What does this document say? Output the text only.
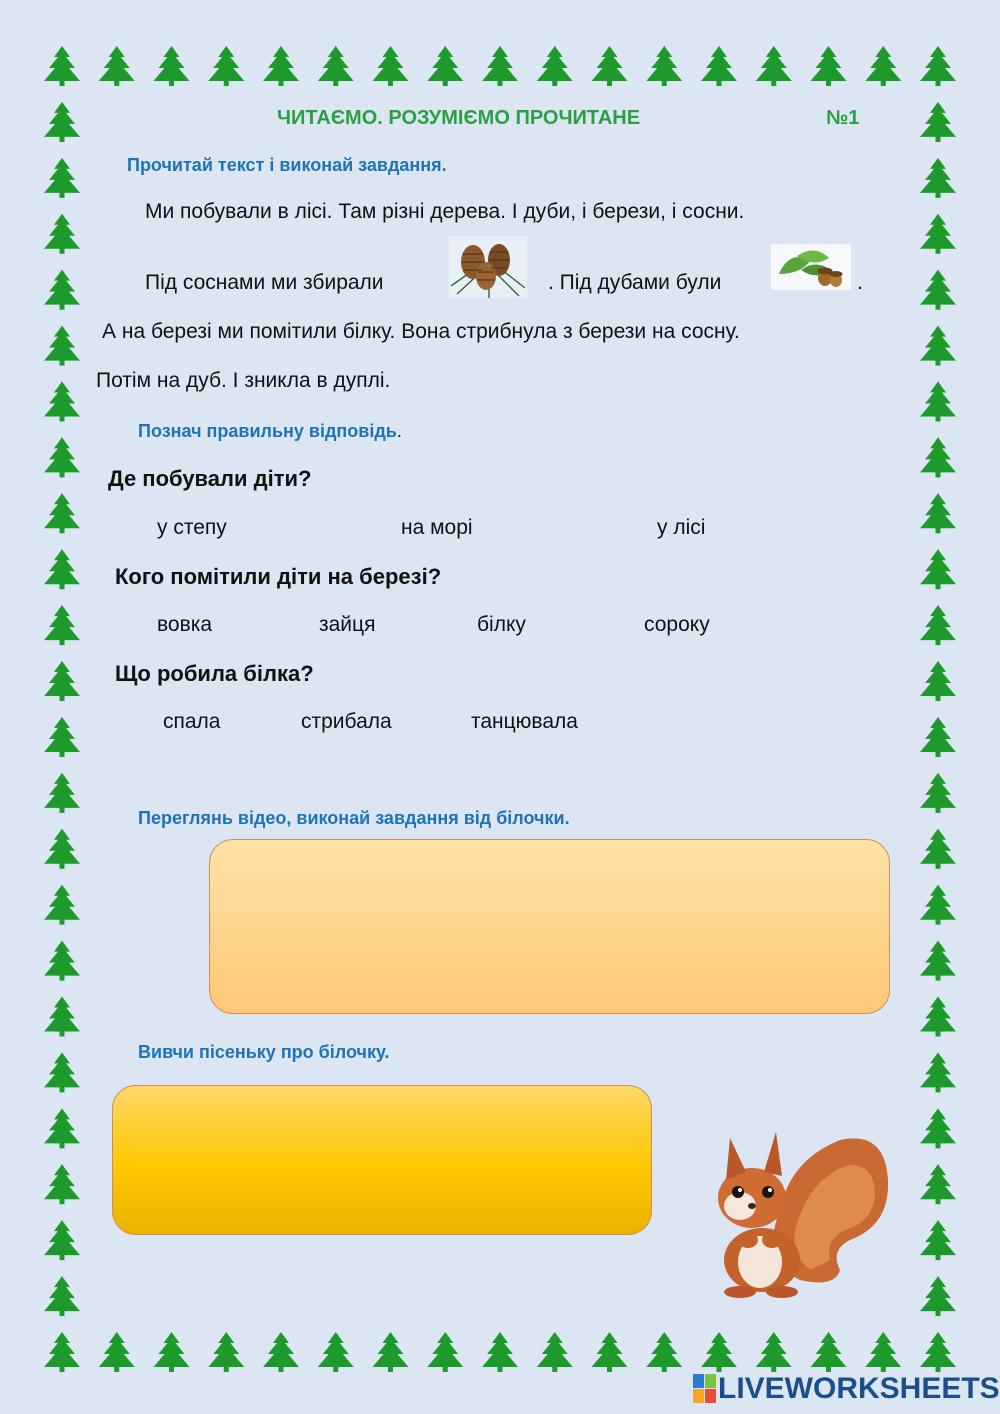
ЧИТАЄМО. РОЗУМІЄМО ПРОЧИТАНЕ	№1
Прочитай текст і виконай завдання.
Ми побували в лісі. Там різні дерева. І дуби, і берези, і сосни.
Під соснами ми збирали	. Під дубами були	.
А на березі ми помітили білку. Вона стрибнула з берези на сосну.
Потім на дуб. І зникла в дуплі.
Познач правильну відповідь.
Де побували діти?
у степу	на морі	у лісі
Кого помітили діти на березі?
вовка	зайця	білку	сороку
Що робила білка?
спала	стрибала	танцювала
Переглянь відео, виконай завдання від білочки.
Вивчи пісеньку про білочку.
LIVEWORKSHEETS
